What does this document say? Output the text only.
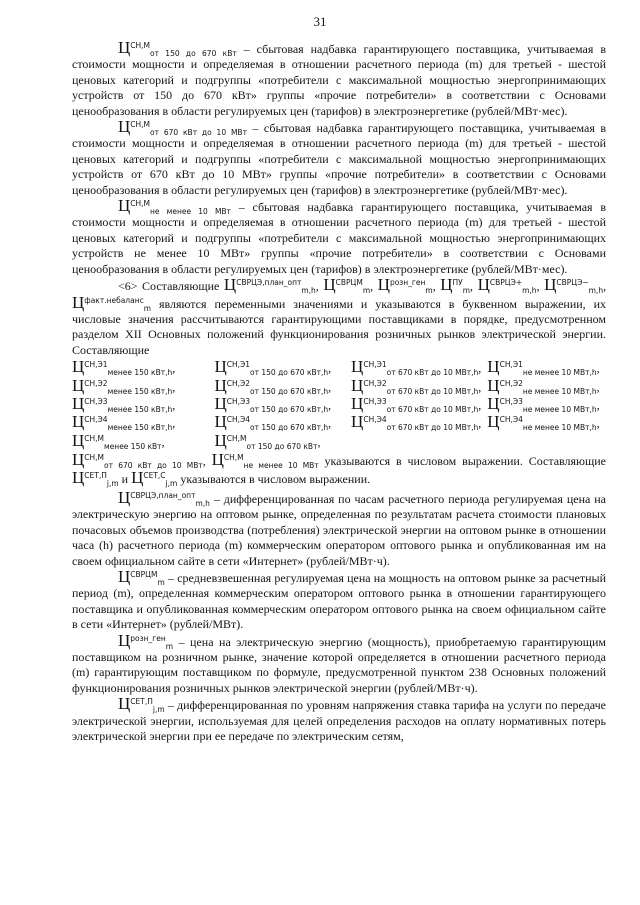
31

$Ц^{СН,М}_{от 150 до 670 кВт}$ – сбытовая надбавка гарантирующего поставщика, учитываемая в стоимости мощности и определяемая в отношении расчетного периода (m) для третьей - шестой ценовых категорий и подгруппы «потребители с максимальной мощностью энергопринимающих устройств от 150 до 670 кВт» группы «прочие потребители» в соответствии с Основами ценообразования в области регулируемых цен (тарифов) в электроэнергетике (рублей/МВт·мес).

$Ц^{СН,М}_{от 670 кВт до 10 МВт}$ – сбытовая надбавка гарантирующего поставщика, учитываемая в стоимости мощности и определяемая в отношении расчетного периода (m) для третьей - шестой ценовых категорий и подгруппы «потребители с максимальной мощностью энергопринимающих устройств от 670 кВт до 10 МВт» группы «прочие потребители» в соответствии с Основами ценообразования в области регулируемых цен (тарифов) в электроэнергетике (рублей/МВт·мес).

$Ц^{СН,М}_{не менее 10 МВт}$ – сбытовая надбавка гарантирующего поставщика, учитываемая в стоимости мощности и определяемая в отношении расчетного периода (m) для третьей - шестой ценовых категорий и подгруппы «потребители с максимальной мощностью энергопринимающих устройств не менее 10 МВт» группы «прочие потребители» в соответствии с Основами ценообразования в области регулируемых цен (тарифов) в электроэнергетике (рублей/МВт·мес).

<6> Составляющие $Ц^{СВРЦЭ,план\_опт}_{m,h}$, $Ц^{СВРЦМ}_m$, $Ц^{розн\_ген}_m$, $Ц^{ПУ}_m$, $Ц^{СВРЦЭ+}_{m,h}$, $Ц^{СВРЦЭ-}_{m,h}$, $Ц^{факт.небаланс}_m$ являются переменными значениями и указываются в буквенном выражении, их числовые значения рассчитываются гарантирующими поставщиками в порядке, предусмотренном разделом XII Основных положений функционирования розничных рынков электрической энергии. Составляющие

$Ц^{СН,Э1}_{менее 150 кВт,h}$,	$Ц^{СН,Э1}_{от 150 до 670 кВт,h}$,	$Ц^{СН,Э1}_{от 670 кВт до 10 МВт,h}$, $Ц^{СН,Э1}_{не менее 10 МВт,h}$,
$Ц^{СН,Э2}_{менее 150 кВт,h}$,	$Ц^{СН,Э2}_{от 150 до 670 кВт,h}$,	$Ц^{СН,Э2}_{от 670 кВт до 10 МВт,h}$, $Ц^{СН,Э2}_{не менее 10 МВт,h}$,
$Ц^{СН,Э3}_{менее 150 кВт,h}$,	$Ц^{СН,Э3}_{от 150 до 670 кВт,h}$,	$Ц^{СН,Э3}_{от 670 кВт до 10 МВт,h}$, $Ц^{СН,Э3}_{не менее 10 МВт,h}$,
$Ц^{СН,Э4}_{менее 150 кВт,h}$,	$Ц^{СН,Э4}_{от 150 до 670 кВт,h}$,	$Ц^{СН,Э4}_{от 670 кВт до 10 МВт,h}$, $Ц^{СН,Э4}_{не менее 10 МВт,h}$,
$Ц^{СН,М}_{менее 150 кВт}$,	$Ц^{СН,М}_{от 150 до 670 кВт}$,

$Ц^{СН,М}_{от 670 кВт до 10 МВт}$, $Ц^{СН,М}_{не менее 10 МВт}$ указываются в числовом выражении. Составляющие $Ц^{СЕТ,П}_{j,m}$ и $Ц^{СЕТ,С}_{j,m}$ указываются в числовом выражении.

$Ц^{СВРЦЭ,план\_опт}_{m,h}$ – дифференцированная по часам расчетного периода регулируемая цена на электрическую энергию на оптовом рынке, определенная по результатам расчета стоимости плановых почасовых объемов производства (потребления) электрической энергии на оптовом рынке в отношении часа (h) расчетного периода (m) коммерческим оператором оптового рынка и опубликованная им на своем официальном сайте в сети «Интернет» (рублей/МВт·ч).

$Ц^{СВРЦМ}_m$ – средневзвешенная регулируемая цена на мощность на оптовом рынке за расчетный период (m), определенная коммерческим оператором оптового рынка в отношении гарантирующего поставщика и опубликованная коммерческим оператором оптового рынка на своем официальном сайте в сети «Интернет» (рублей/МВт).

$Ц^{розн\_ген}_m$ – цена на электрическую энергию (мощность), приобретаемую гарантирующим поставщиком на розничном рынке, значение которой определяется в отношении расчетного периода (m) гарантирующим поставщиком по формуле, предусмотренной пунктом 238 Основных положений функционирования розничных рынков электрической энергии (рублей/МВт·ч).

$Ц^{СЕТ,П}_{j,m}$ – дифференцированная по уровням напряжения ставка тарифа на услуги по передаче электрической энергии, используемая для целей определения расходов на оплату нормативных потерь электрической энергии при ее передаче по электрическим сетям,
